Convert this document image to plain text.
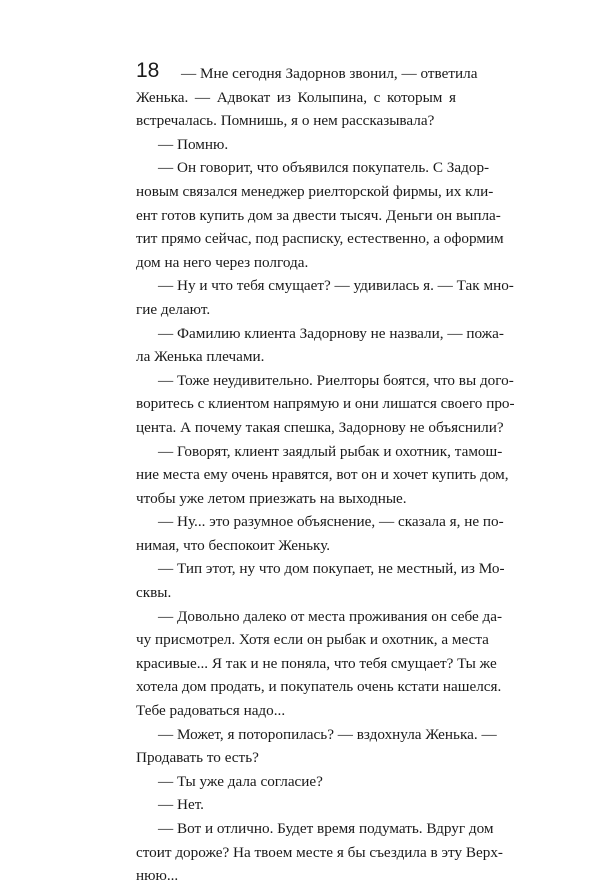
18	— Мне сегодня Задорнов звонил, — ответила
Женька. — Адвокат из Колыпина, с которым я
встречалась. Помнишь, я о нем рассказывала?
— Помню.
— Он говорит, что объявился покупатель. С Задор-
новым связался менеджер риелторской фирмы, их кли-
ент готов купить дом за двести тысяч. Деньги он выпла-
тит прямо сейчас, под расписку, естественно, а оформим
дом на него через полгода.
— Ну и что тебя смущает? — удивилась я. — Так мно-
гие делают.
— Фамилию клиента Задорнову не назвали, — пожа-
ла Женька плечами.
— Тоже неудивительно. Риелторы боятся, что вы дого-
воритесь с клиентом напрямую и они лишатся своего про-
цента. А почему такая спешка, Задорнову не объяснили?
— Говорят, клиент заядлый рыбак и охотник, тамош-
ние места ему очень нравятся, вот он и хочет купить дом,
чтобы уже летом приезжать на выходные.
— Ну... это разумное объяснение, — сказала я, не по-
нимая, что беспокоит Женьку.
— Тип этот, ну что дом покупает, не местный, из Мо-
сквы.
— Довольно далеко от места проживания он себе да-
чу присмотрел. Хотя если он рыбак и охотник, а места
красивые... Я так и не поняла, что тебя смущает? Ты же
хотела дом продать, и покупатель очень кстати нашелся.
Тебе радоваться надо...
— Может, я поторопилась? — вздохнула Женька. —
Продавать то есть?
— Ты уже дала согласие?
— Нет.
— Вот и отлично. Будет время подумать. Вдруг дом
стоит дороже? На твоем месте я бы съездила в эту Верх-
нюю...
